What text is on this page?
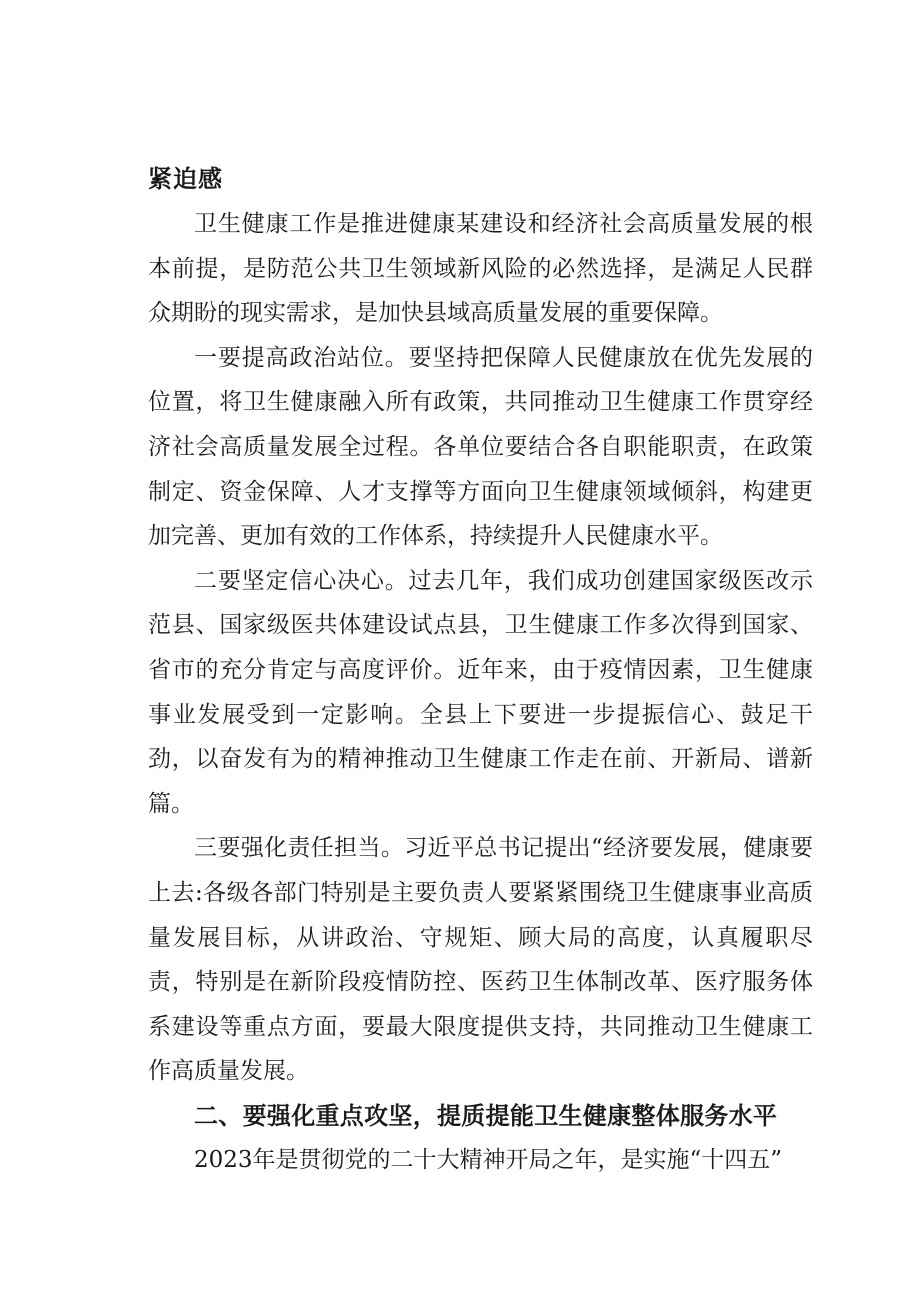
紧迫感

卫生健康工作是推进健康某建设和经济社会高质量发展的根本前提，是防范公共卫生领域新风险的必然选择，是满足人民群众期盼的现实需求，是加快县域高质量发展的重要保障。

一要提高政治站位。要坚持把保障人民健康放在优先发展的位置，将卫生健康融入所有政策，共同推动卫生健康工作贯穿经济社会高质量发展全过程。各单位要结合各自职能职责，在政策制定、资金保障、人才支撑等方面向卫生健康领域倾斜，构建更加完善、更加有效的工作体系，持续提升人民健康水平。

二要坚定信心决心。过去几年，我们成功创建国家级医改示范县、国家级医共体建设试点县，卫生健康工作多次得到国家、省市的充分肯定与高度评价。近年来，由于疫情因素，卫生健康事业发展受到一定影响。全县上下要进一步提振信心、鼓足干劲，以奋发有为的精神推动卫生健康工作走在前、开新局、谱新篇。

三要强化责任担当。习近平总书记提出“经济要发展，健康要上去:各级各部门特别是主要负责人要紧紧围绕卫生健康事业高质量发展目标，从讲政治、守规矩、顾大局的高度，认真履职尽责，特别是在新阶段疫情防控、医药卫生体制改革、医疗服务体系建设等重点方面，要最大限度提供支持，共同推动卫生健康工作高质量发展。

二、要强化重点攻坚，提质提能卫生健康整体服务水平

2023年是贯彻党的二十大精神开局之年，是实施“十四五”
